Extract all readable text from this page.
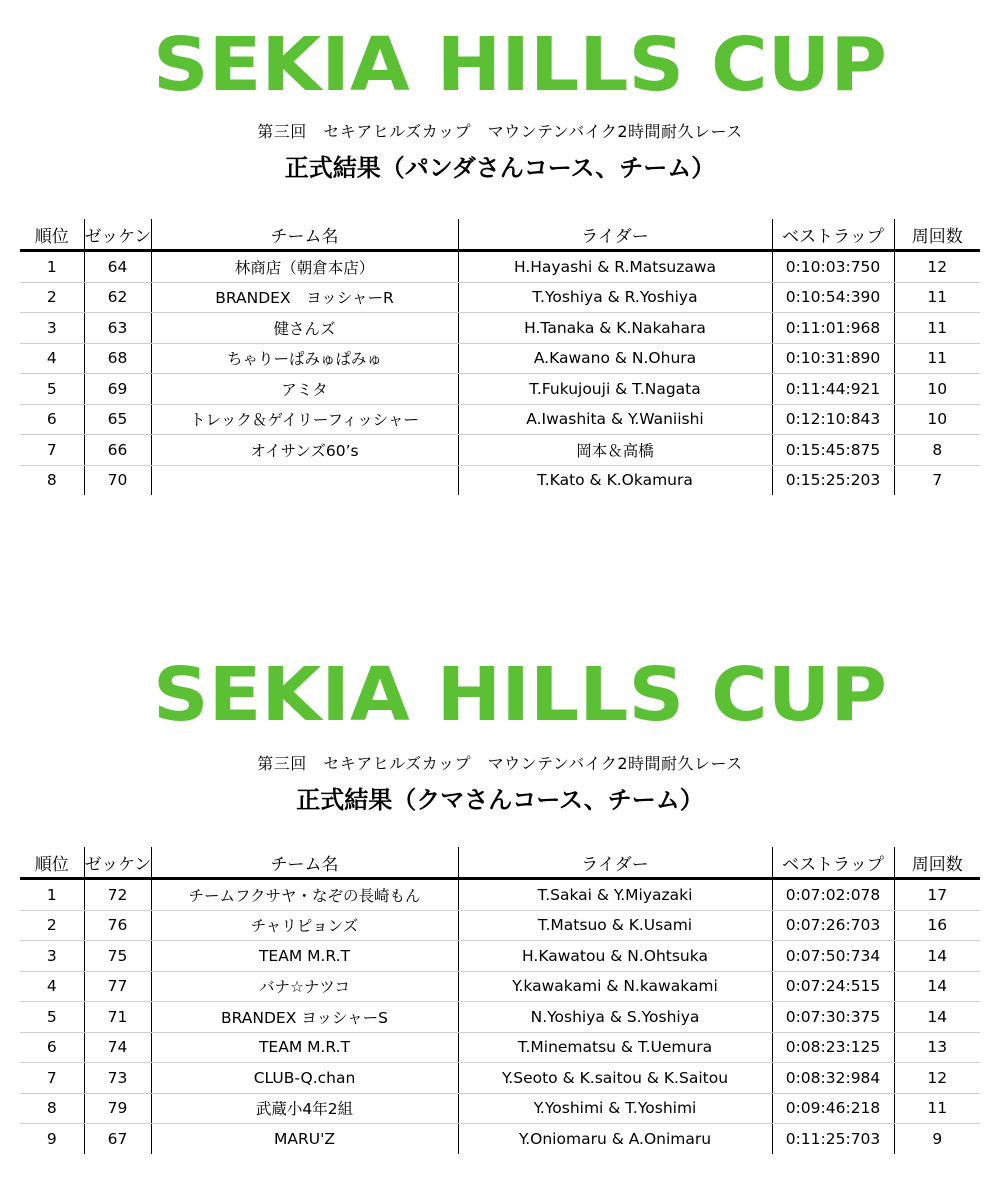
SEKIA HILLS CUP
第三回　セキアヒルズカップ　マウンテンバイク2時間耐久レース
正式結果（パンダさんコース、チーム）
順位	ゼッケン	チーム名	ライダー	ベストラップ	周回数
1	64	林商店（朝倉本店）	H.Hayashi & R.Matsuzawa	0:10:03:750	12
2	62	BRANDEX　ヨッシャーR	T.Yoshiya & R.Yoshiya	0:10:54:390	11
3	63	健さんズ	H.Tanaka & K.Nakahara	0:11:01:968	11
4	68	ちゃりーぱみゅぱみゅ	A.Kawano & N.Ohura	0:10:31:890	11
5	69	アミタ	T.Fukujouji & T.Nagata	0:11:44:921	10
6	65	トレック＆ゲイリーフィッシャー	A.Iwashita & Y.Waniishi	0:12:10:843	10
7	66	オイサンズ60’s	岡本＆高橋	0:15:45:875	8
8	70		T.Kato & K.Okamura	0:15:25:203	7
SEKIA HILLS CUP
第三回　セキアヒルズカップ　マウンテンバイク2時間耐久レース
正式結果（クマさんコース、チーム）
順位	ゼッケン	チーム名	ライダー	ベストラップ	周回数
1	72	チームフクサヤ・なぞの長崎もん	T.Sakai & Y.Miyazaki	0:07:02:078	17
2	76	チャリピョンズ	T.Matsuo & K.Usami	0:07:26:703	16
3	75	TEAM M.R.T	H.Kawatou & N.Ohtsuka	0:07:50:734	14
4	77	バナ☆ナツコ	Y.kawakami & N.kawakami	0:07:24:515	14
5	71	BRANDEX ヨッシャーS	N.Yoshiya & S.Yoshiya	0:07:30:375	14
6	74	TEAM M.R.T	T.Minematsu & T.Uemura	0:08:23:125	13
7	73	CLUB-Q.chan	Y.Seoto & K.saitou & K.Saitou	0:08:32:984	12
8	79	武蔵小4年2組	Y.Yoshimi & T.Yoshimi	0:09:46:218	11
9	67	MARU'Z	Y.Oniomaru & A.Onimaru	0:11:25:703	9
